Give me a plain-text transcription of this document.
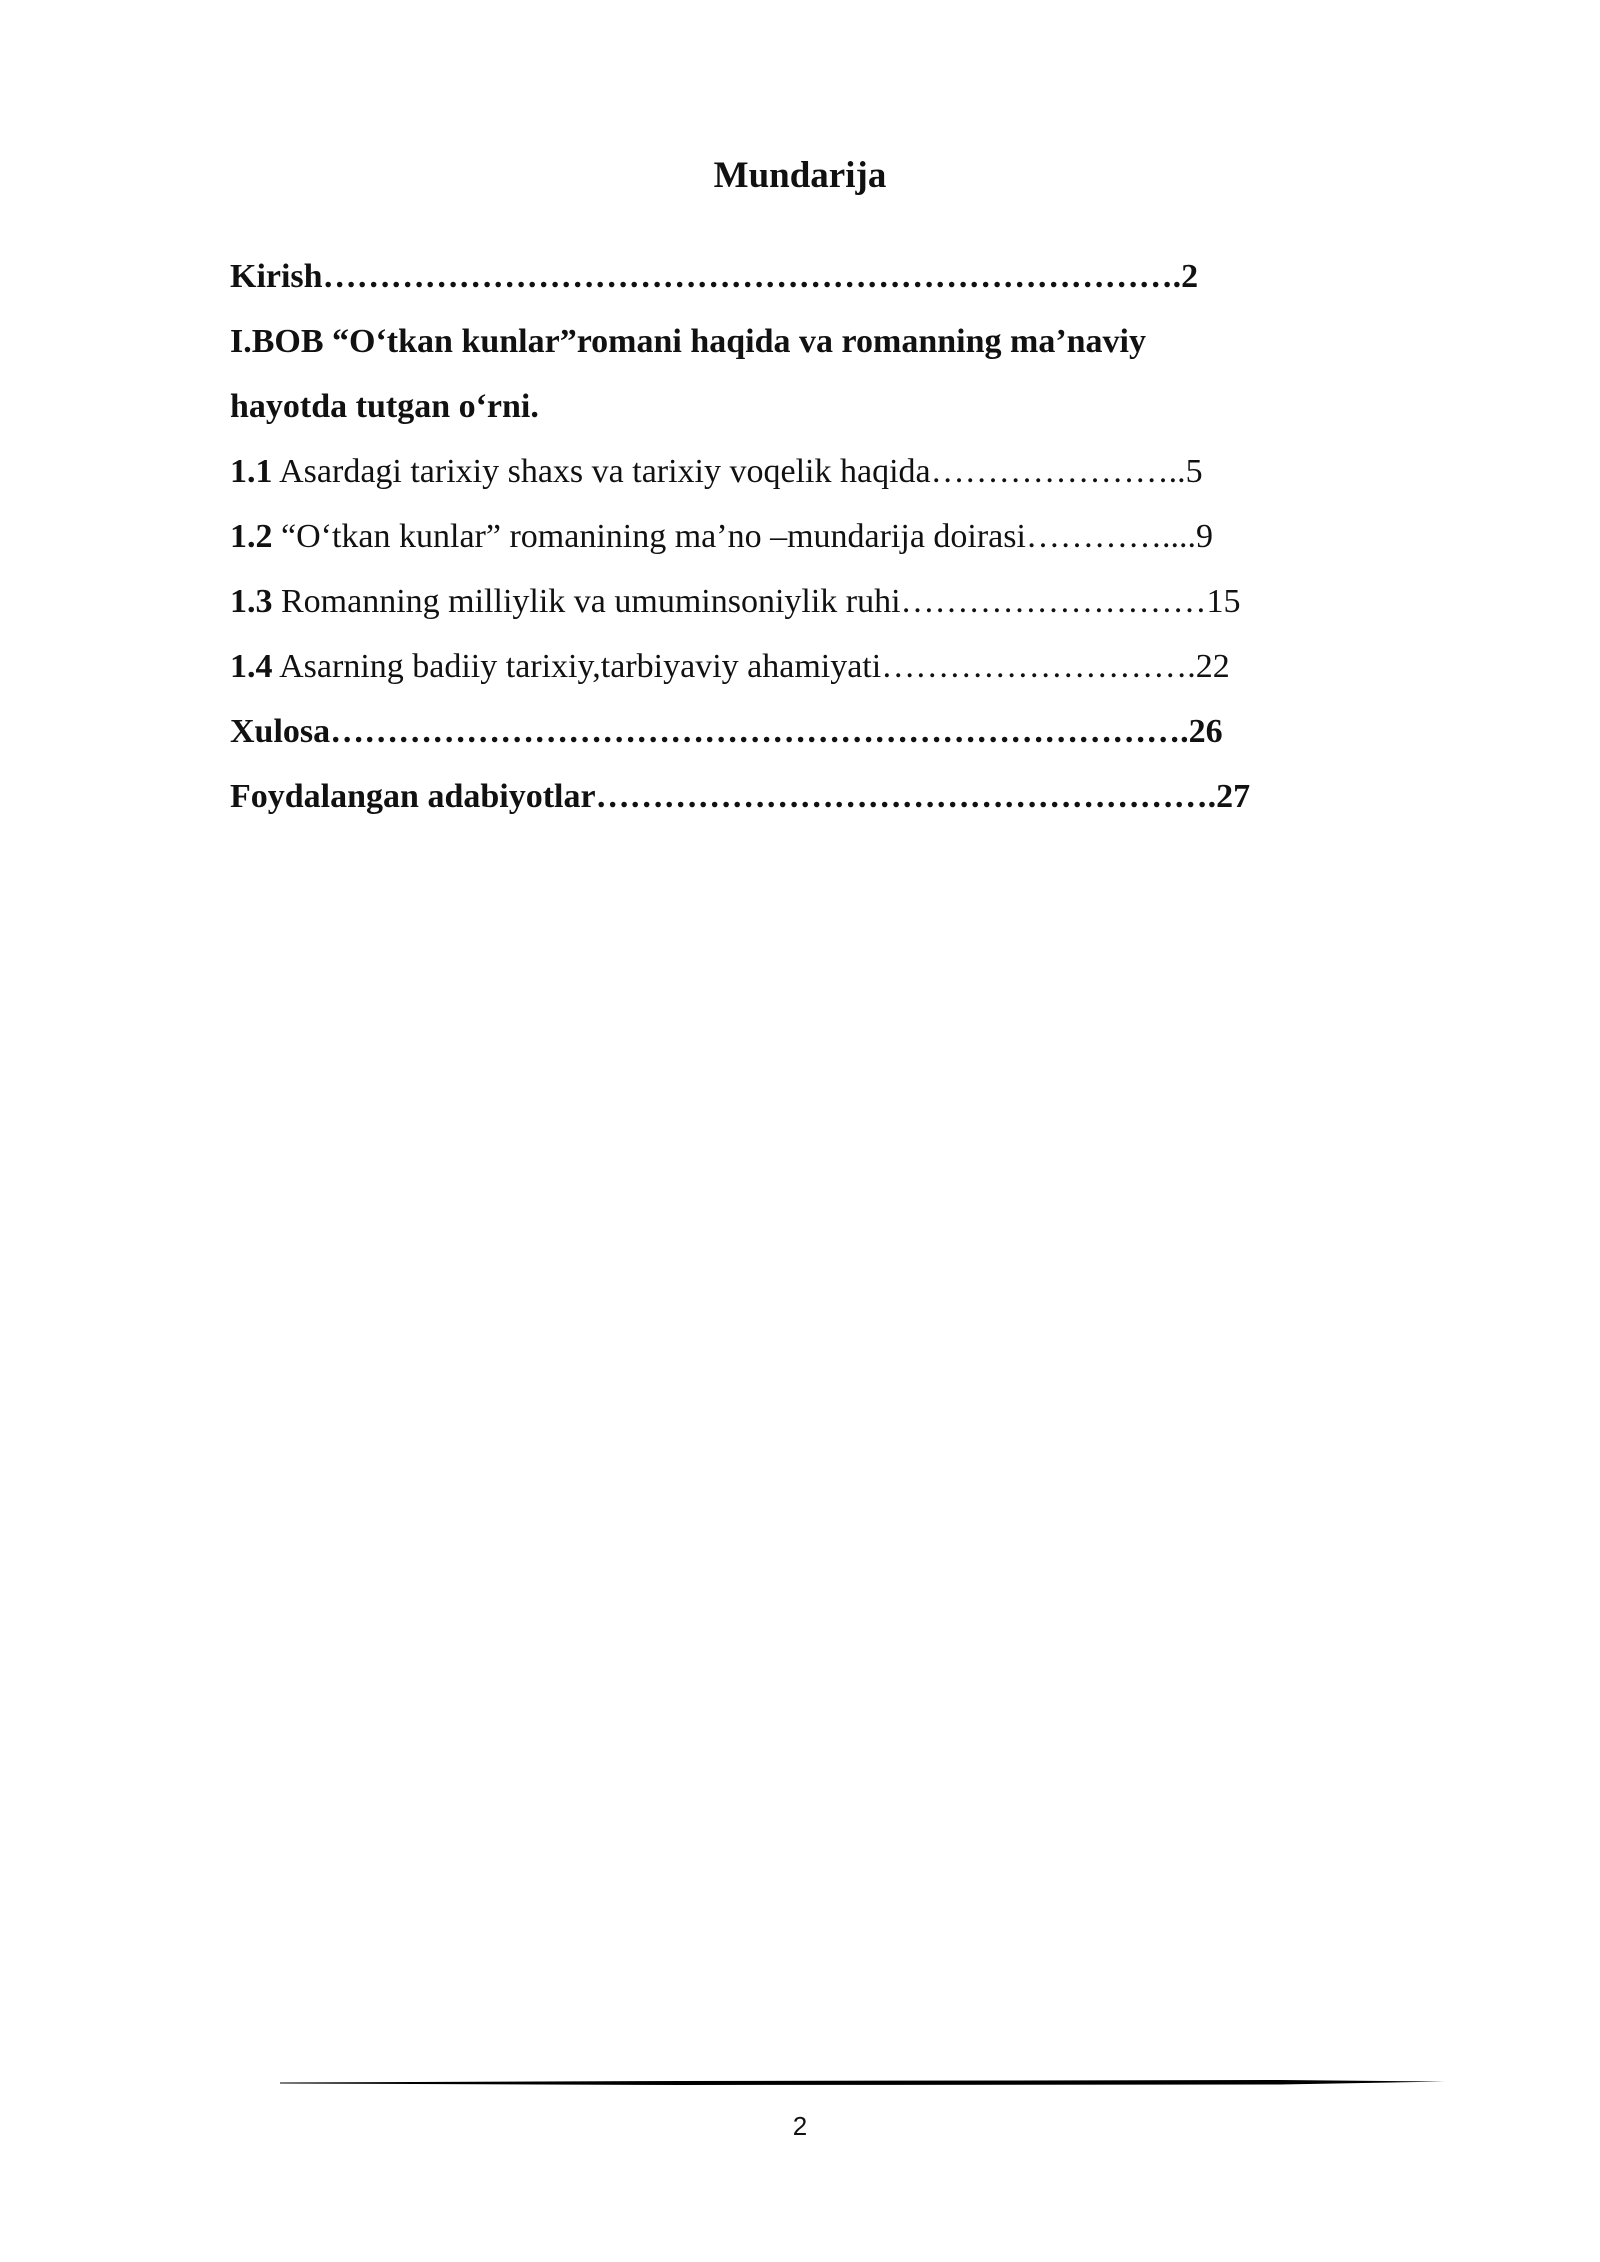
Mundarija
Kirish………………………………………………………………….2
I.BOB “O‘tkan kunlar”romani haqida va romanning ma’naviy
hayotda tutgan o‘rni.
1.1 Asardagi tarixiy shaxs va tarixiy voqelik haqida…………………..5
1.2 “O‘tkan kunlar” romanining ma’no –mundarija doirasi…………....9
1.3 Romanning milliylik va umuminsoniylik ruhi………………………15
1.4 Asarning badiiy tarixiy,tarbiyaviy ahamiyati……………………….22
Xulosa………………………………………………………………….26
Foydalangan adabiyotlar……………………………………………….27
2
